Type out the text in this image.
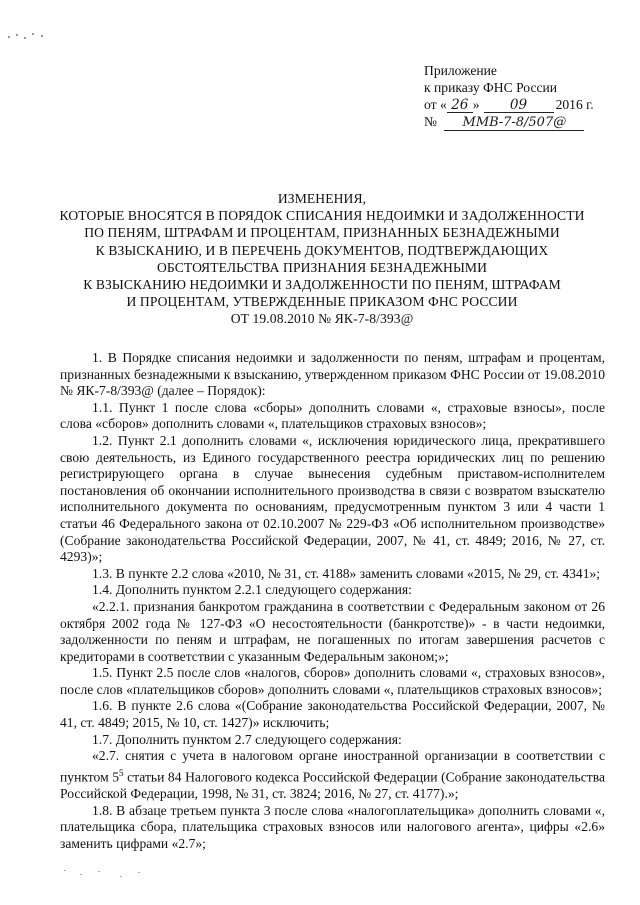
Приложение
к приказу ФНС России
от « 26 » 09 2016 г.
№ ММВ-7-8/507@
ИЗМЕНЕНИЯ,
КОТОРЫЕ ВНОСЯТСЯ В ПОРЯДОК СПИСАНИЯ НЕДОИМКИ И ЗАДОЛЖЕННОСТИ
ПО ПЕНЯМ, ШТРАФАМ И ПРОЦЕНТАМ, ПРИЗНАННЫХ БЕЗНАДЕЖНЫМИ
К ВЗЫСКАНИЮ, И В ПЕРЕЧЕНЬ ДОКУМЕНТОВ, ПОДТВЕРЖДАЮЩИХ
ОБСТОЯТЕЛЬСТВА ПРИЗНАНИЯ БЕЗНАДЕЖНЫМИ
К ВЗЫСКАНИЮ НЕДОИМКИ И ЗАДОЛЖЕННОСТИ ПО ПЕНЯМ, ШТРАФАМ
И ПРОЦЕНТАМ, УТВЕРЖДЕННЫЕ ПРИКАЗОМ ФНС РОССИИ
ОТ 19.08.2010 № ЯК-7-8/393@

1. В Порядке списания недоимки и задолженности по пеням, штрафам и процентам, признанных безнадежными к взысканию, утвержденном приказом ФНС России от 19.08.2010 № ЯК-7-8/393@ (далее – Порядок):

1.1. Пункт 1 после слова «сборы» дополнить словами «, страховые взносы», после слова «сборов» дополнить словами «, плательщиков страховых взносов»;

1.2. Пункт 2.1 дополнить словами «, исключения юридического лица, прекратившего свою деятельность, из Единого государственного реестра юридических лиц по решению регистрирующего органа в случае вынесения судебным приставом-исполнителем постановления об окончании исполнительного производства в связи с возвратом взыскателю исполнительного документа по основаниям, предусмотренным пунктом 3 или 4 части 1 статьи 46 Федерального закона от 02.10.2007 № 229-ФЗ «Об исполнительном производстве» (Собрание законодательства Российской Федерации, 2007, № 41, ст. 4849; 2016, № 27, ст. 4293)»;

1.3. В пункте 2.2 слова «2010, № 31, ст. 4188» заменить словами «2015, № 29, ст. 4341»;

1.4. Дополнить пунктом 2.2.1 следующего содержания:

«2.2.1. признания банкротом гражданина в соответствии с Федеральным законом от 26 октября 2002 года № 127-ФЗ «О несостоятельности (банкротстве)» - в части недоимки, задолженности по пеням и штрафам, не погашенных по итогам завершения расчетов с кредиторами в соответствии с указанным Федеральным законом;»;

1.5. Пункт 2.5 после слов «налогов, сборов» дополнить словами «, страховых взносов», после слов «плательщиков сборов» дополнить словами «, плательщиков страховых взносов»;

1.6. В пункте 2.6 слова «(Собрание законодательства Российской Федерации, 2007, № 41, ст. 4849; 2015, № 10, ст. 1427)» исключить;

1.7. Дополнить пунктом 2.7 следующего содержания:

«2.7. снятия с учета в налоговом органе иностранной организации в соответствии с пунктом $5^5$ статьи 84 Налогового кодекса Российской Федерации (Собрание законодательства Российской Федерации, 1998, № 31, ст. 3824; 2016, № 27, ст. 4177).»;

1.8. В абзаце третьем пункта 3 после слова «налогоплательщика» дополнить словами «, плательщика сбора, плательщика страховых взносов или налогового агента», цифры «2.6» заменить цифрами «2.7»;
